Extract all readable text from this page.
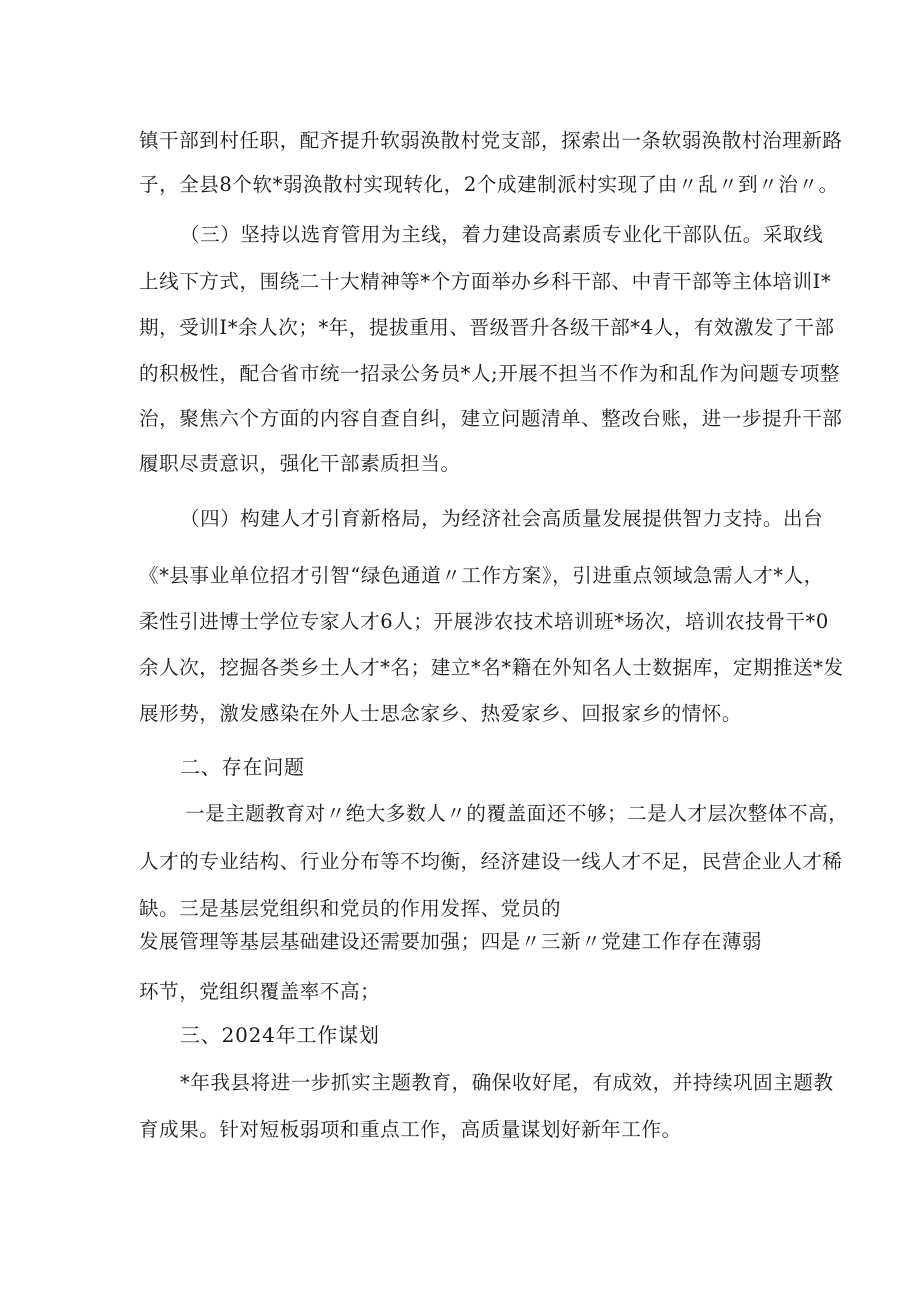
镇干部到村任职，配齐提升软弱涣散村党支部，探索出一条软弱涣散村治理新路
子，全县8个软*弱涣散村实现转化，2个成建制派村实现了由〃乱〃到〃治〃。
（三）坚持以选育管用为主线，着力建设高素质专业化干部队伍。采取线
上线下方式，围绕二十大精神等*个方面举办乡科干部、中青干部等主体培训I*
期，受训I*余人次；*年，提拔重用、晋级晋升各级干部*4人，有效激发了干部
的积极性，配合省市统一招录公务员*人;开展不担当不作为和乱作为问题专项整
治，聚焦六个方面的内容自查自纠，建立问题清单、整改台账，进一步提升干部
履职尽责意识，强化干部素质担当。
（四）构建人才引育新格局，为经济社会高质量发展提供智力支持。出台
《*县事业单位招才引智“绿色通道〃工作方案》，引进重点领域急需人才*人，
柔性引进博士学位专家人才6人；开展涉农技术培训班*场次，培训农技骨干*0
余人次，挖掘各类乡土人才*名；建立*名*籍在外知名人士数据库，定期推送*发
展形势，激发感染在外人士思念家乡、热爱家乡、回报家乡的情怀。
二、存在问题
一是主题教育对〃绝大多数人〃的覆盖面还不够；二是人才层次整体不高，
人才的专业结构、行业分布等不均衡，经济建设一线人才不足，民营企业人才稀
缺。三是基层党组织和党员的作用发挥、党员的
发展管理等基层基础建设还需要加强；四是〃三新〃党建工作存在薄弱
环节，党组织覆盖率不高；
三、2024年工作谋划
*年我县将进一步抓实主题教育，确保收好尾，有成效，并持续巩固主题教
育成果。针对短板弱项和重点工作，高质量谋划好新年工作。
